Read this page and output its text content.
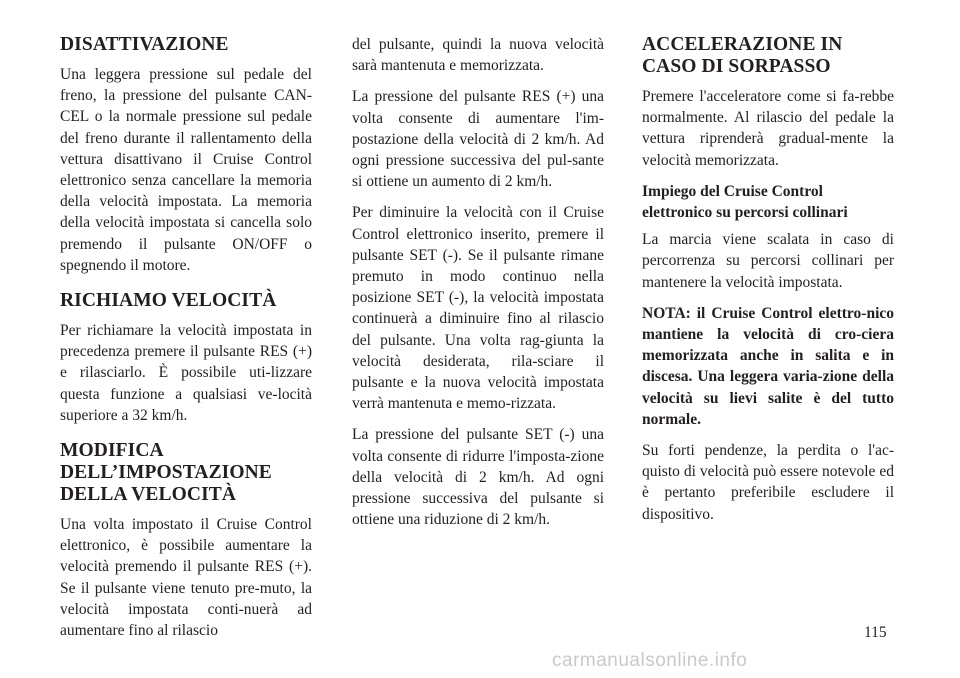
DISATTIVAZIONE

Una leggera pressione sul pedale del freno, la pressione del pulsante CAN-CEL o la normale pressione sul pedale del freno durante il rallentamento della vettura disattivano il Cruise Control elettronico senza cancellare la memoria della velocità impostata. La memoria della velocità impostata si cancella solo premendo il pulsante ON/OFF o spegnendo il motore.

RICHIAMO VELOCITÀ

Per richiamare la velocità impostata in precedenza premere il pulsante RES (+) e rilasciarlo. È possibile uti-lizzare questa funzione a qualsiasi ve-locità superiore a 32 km/h.

MODIFICA DELL’IMPOSTAZIONE DELLA VELOCITÀ

Una volta impostato il Cruise Control elettronico, è possibile aumentare la velocità premendo il pulsante RES (+). Se il pulsante viene tenuto pre-muto, la velocità impostata conti-nuerà ad aumentare fino al rilascio

del pulsante, quindi la nuova velocità sarà mantenuta e memorizzata.

La pressione del pulsante RES (+) una volta consente di aumentare l'im-postazione della velocità di 2 km/h. Ad ogni pressione successiva del pul-sante si ottiene un aumento di 2 km/h.

Per diminuire la velocità con il Cruise Control elettronico inserito, premere il pulsante SET (-). Se il pulsante rimane premuto in modo continuo nella posizione SET (-), la velocità impostata continuerà a diminuire fino al rilascio del pulsante. Una volta rag-giunta la velocità desiderata, rila-sciare il pulsante e la nuova velocità impostata verrà mantenuta e memo-rizzata.

La pressione del pulsante SET (-) una volta consente di ridurre l'imposta-zione della velocità di 2 km/h. Ad ogni pressione successiva del pulsante si ottiene una riduzione di 2 km/h.

ACCELERAZIONE IN CASO DI SORPASSO

Premere l'acceleratore come si fa-rebbe normalmente. Al rilascio del pedale la vettura riprenderà gradual-mente la velocità memorizzata.

Impiego del Cruise Control elettronico su percorsi collinari

La marcia viene scalata in caso di percorrenza su percorsi collinari per mantenere la velocità impostata.

NOTA: il Cruise Control elettro-nico mantiene la velocità di cro-ciera memorizzata anche in salita e in discesa. Una leggera varia-zione della velocità su lievi salite è del tutto normale.

Su forti pendenze, la perdita o l'ac-quisto di velocità può essere notevole ed è pertanto preferibile escludere il dispositivo.

115
carmanualsonline.info
